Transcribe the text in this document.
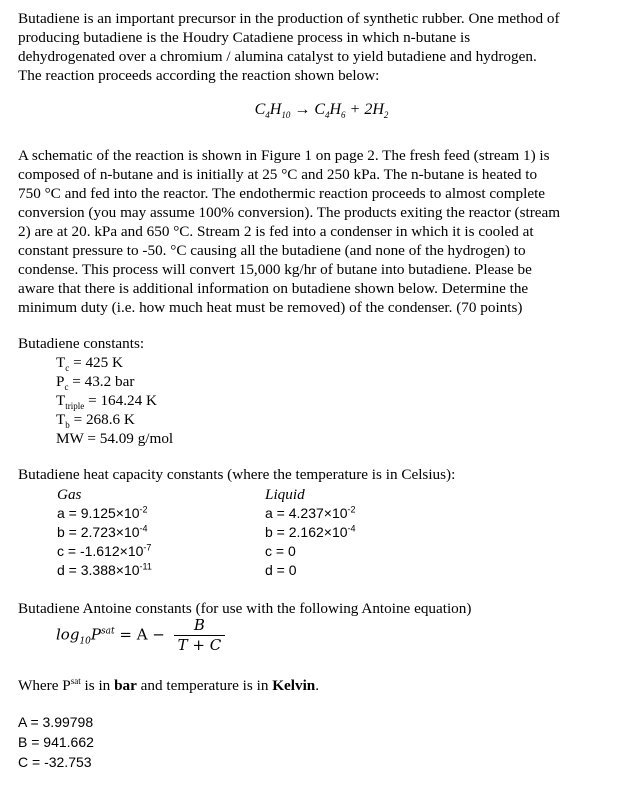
Butadiene is an important precursor in the production of synthetic rubber. One method of
producing butadiene is the Houdry Catadiene process in which n-butane is
dehydrogenated over a chromium / alumina catalyst to yield butadiene and hydrogen.
The reaction proceeds according the reaction shown below:
$C_4H_{10} \to C_4H_6 + 2H_2$
A schematic of the reaction is shown in Figure 1 on page 2. The fresh feed (stream 1) is
composed of n-butane and is initially at 25 °C and 250 kPa. The n-butane is heated to
750 °C and fed into the reactor. The endothermic reaction proceeds to almost complete
conversion (you may assume 100% conversion). The products exiting the reactor (stream
2) are at 20. kPa and 650 °C. Stream 2 is fed into a condenser in which it is cooled at
constant pressure to -50. °C causing all the butadiene (and none of the hydrogen) to
condense. This process will convert 15,000 kg/hr of butane into butadiene. Please be
aware that there is additional information on butadiene shown below. Determine the
minimum duty (i.e. how much heat must be removed) of the condenser. (70 points)
Butadiene constants:
$T_c = 425$ K
$P_c = 43.2$ bar
$T_{triple} = 164.24$ K
$T_b = 268.6$ K
MW = 54.09 g/mol
Butadiene heat capacity constants (where the temperature is in Celsius):
Gas
$a = 9.125\times 10^{-2}$
$b = 2.723\times 10^{-4}$
$c = -1.612\times 10^{-7}$
$d = 3.388\times 10^{-11}$
Liquid
$a = 4.237\times 10^{-2}$
$b = 2.162\times 10^{-4}$
c = 0
d = 0
Butadiene Antoine constants (for use with the following Antoine equation)
$\log_{10}P^{sat} = A - \frac{B}{T + C}$
Where $P^{sat}$ is in bar and temperature is in Kelvin.
A = 3.99798
B = 941.662
C = -32.753
